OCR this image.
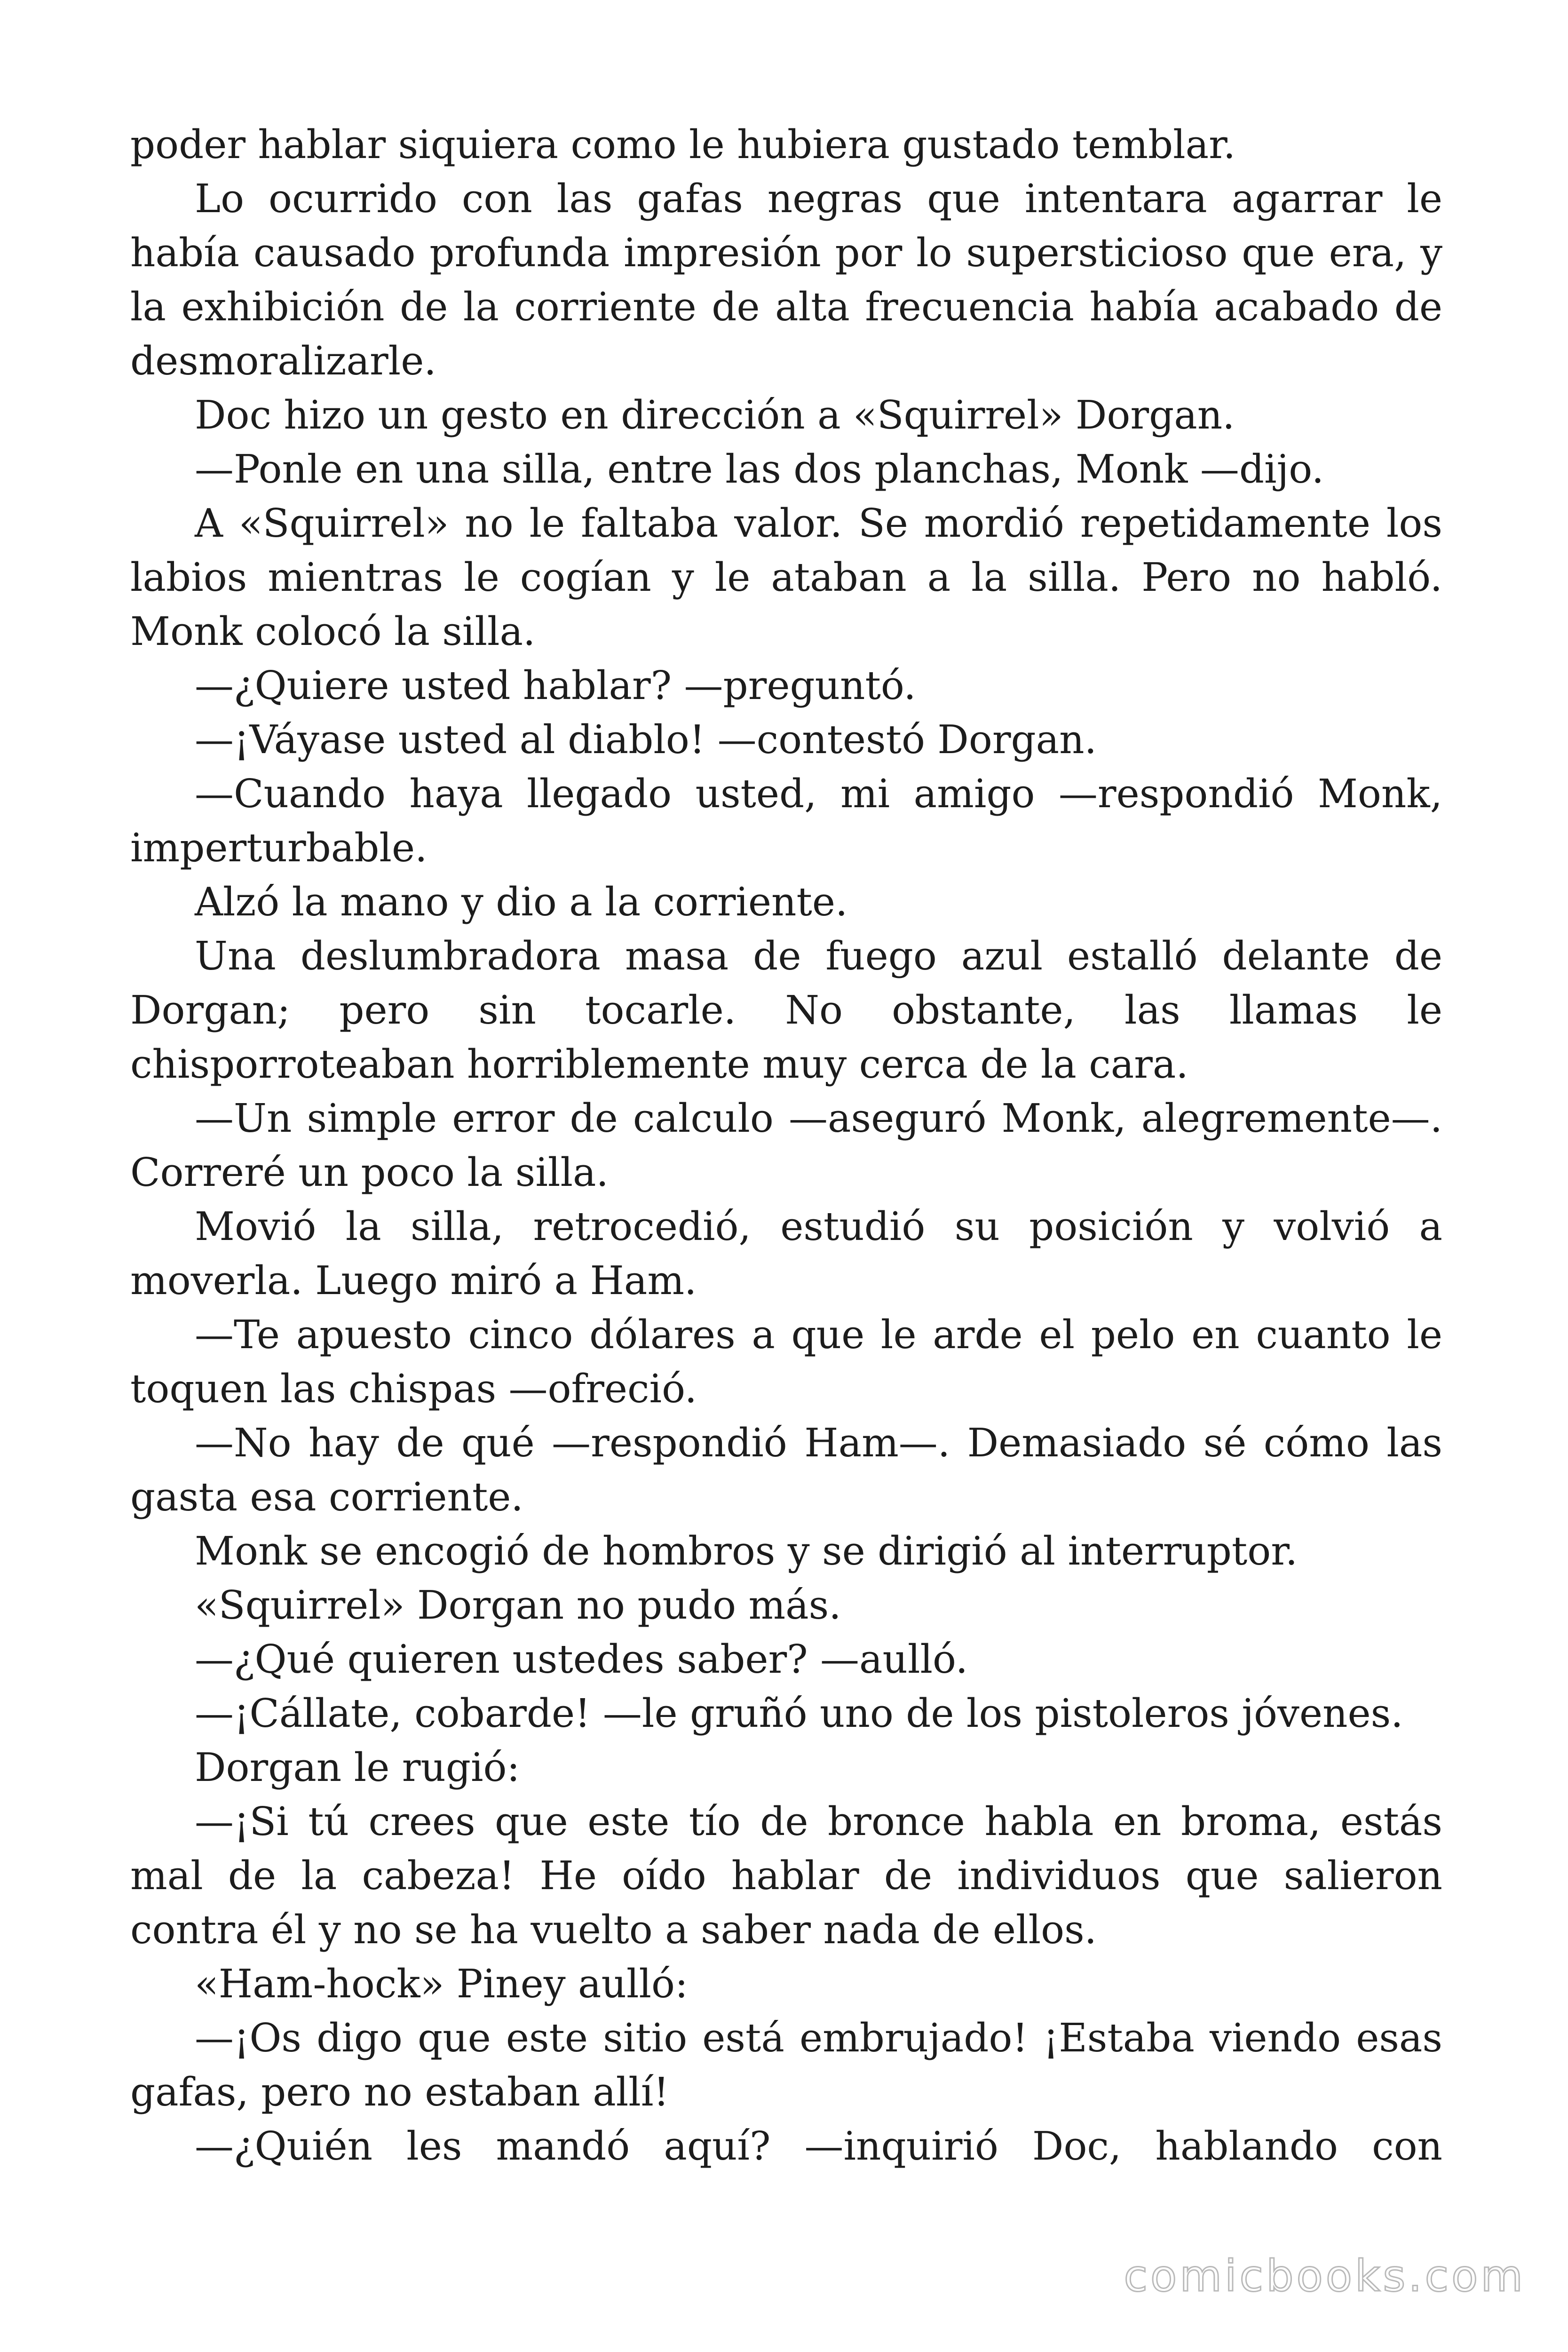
poder hablar siquiera como le hubiera gustado temblar.

Lo ocurrido con las gafas negras que intentara agarrar le había causado profunda impresión por lo supersticioso que era, y la exhibición de la corriente de alta frecuencia había acabado de desmoralizarle.

Doc hizo un gesto en dirección a «Squirrel» Dorgan.

—Ponle en una silla, entre las dos planchas, Monk —dijo.

A «Squirrel» no le faltaba valor. Se mordió repetidamente los labios mientras le cogían y le ataban a la silla. Pero no habló. Monk colocó la silla.

—¿Quiere usted hablar? —preguntó.

—¡Váyase usted al diablo! —contestó Dorgan.

—Cuando haya llegado usted, mi amigo —respondió Monk, imperturbable.

Alzó la mano y dio a la corriente.

Una deslumbradora masa de fuego azul estalló delante de Dorgan; pero sin tocarle. No obstante, las llamas le chisporroteaban horriblemente muy cerca de la cara.

—Un simple error de calculo —aseguró Monk, alegremente—. Correré un poco la silla.

Movió la silla, retrocedió, estudió su posición y volvió a moverla. Luego miró a Ham.

—Te apuesto cinco dólares a que le arde el pelo en cuanto le toquen las chispas —ofreció.

—No hay de qué —respondió Ham—. Demasiado sé cómo las gasta esa corriente.

Monk se encogió de hombros y se dirigió al interruptor.

«Squirrel» Dorgan no pudo más.

—¿Qué quieren ustedes saber? —aulló.

—¡Cállate, cobarde! —le gruñó uno de los pistoleros jóvenes.

Dorgan le rugió:

—¡Si tú crees que este tío de bronce habla en broma, estás mal de la cabeza! He oído hablar de individuos que salieron contra él y no se ha vuelto a saber nada de ellos.

«Ham-hock» Piney aulló:

—¡Os digo que este sitio está embrujado! ¡Estaba viendo esas gafas, pero no estaban allí!

—¿Quién les mandó aquí? —inquirió Doc, hablando con

comicbooks.com
